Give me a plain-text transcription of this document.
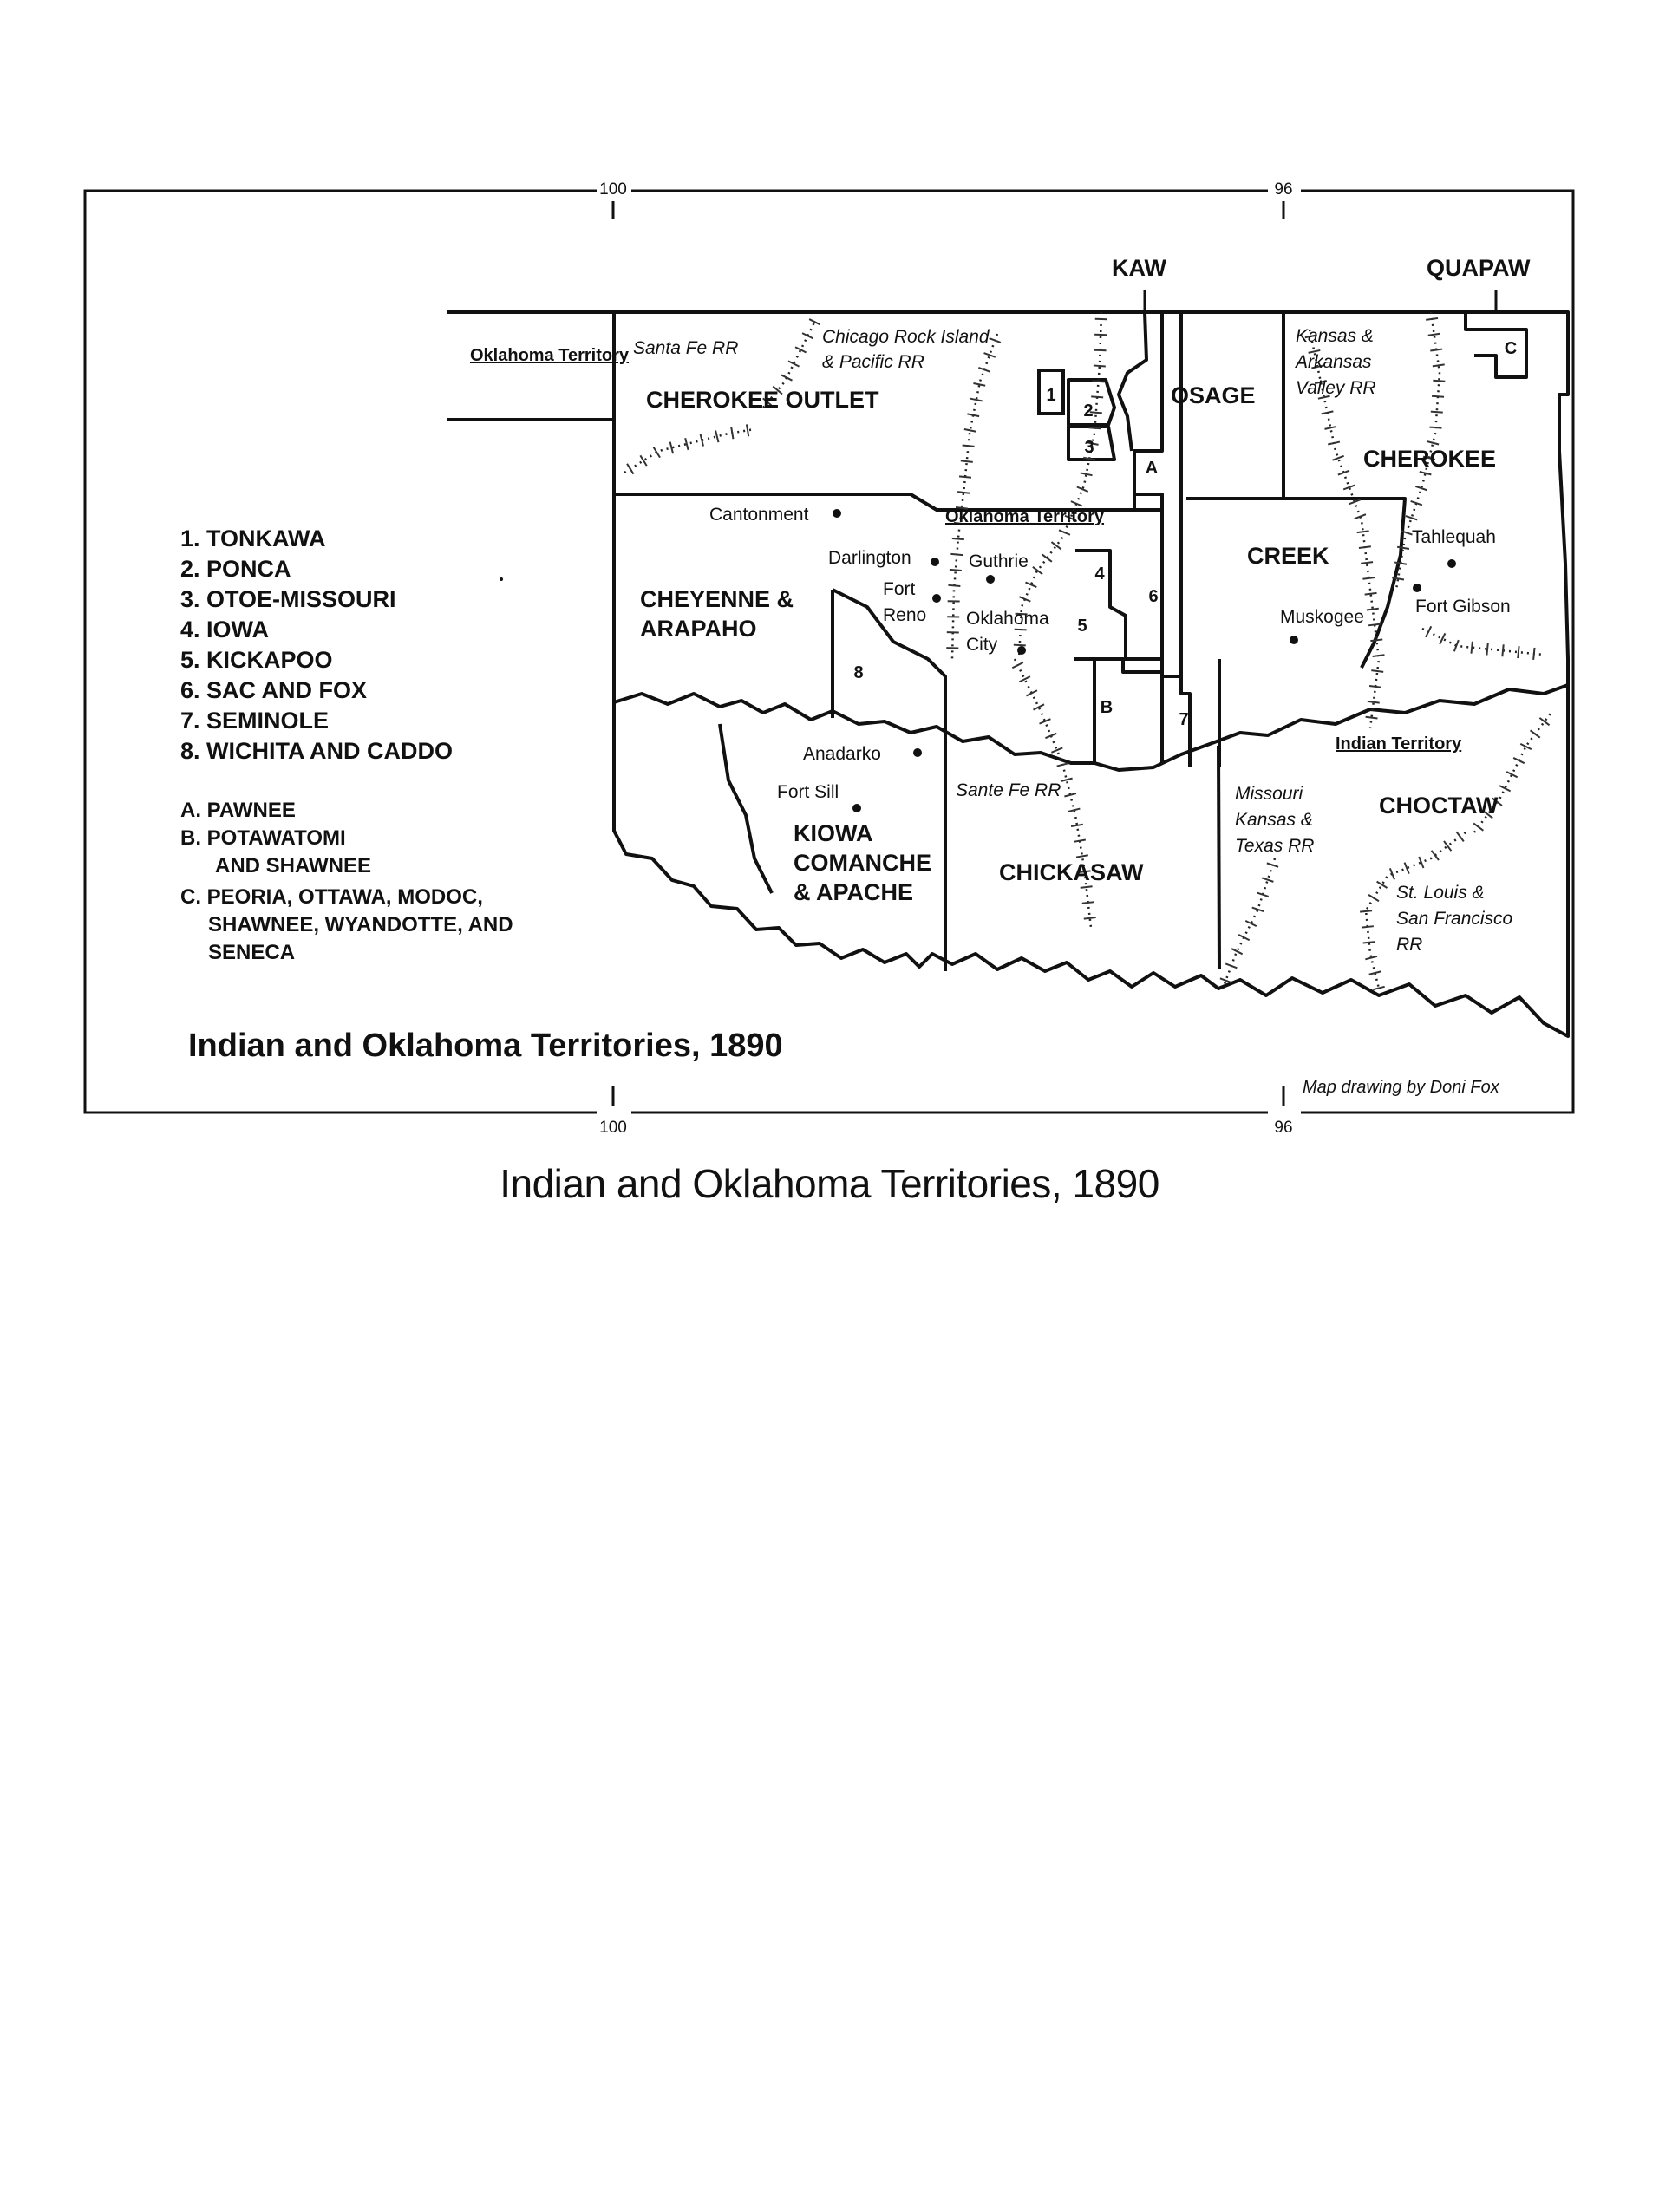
100	96
100	96
Oklahoma Territory
Oklahoma Territory
Indian Territory
KAW	QUAPAW
CHEROKEE OUTLET	OSAGE
CHEROKEE
CHEYENNE &
ARAPAHO
CREEK
KIOWA
COMANCHE
& APACHE
CHICKASAW
CHOCTAW
1
2
3
4
5
6
7
8
A
B
C
Santa Fe RR
Chicago Rock Island
& Pacific RR
Kansas &
Arkansas
Valley RR
Sante Fe RR	Missouri
Kansas &
Texas RR
St. Louis &
San Francisco
RR
Cantonment
Darlington
Fort
Reno
Guthrie
Oklahoma
City
Tahlequah
Fort Gibson
Muskogee
Anadarko
Fort Sill
1. TONKAWA
2. PONCA
3. OTOE-MISSOURI
4. IOWA
5. KICKAPOO
6. SAC AND FOX
7. SEMINOLE
8. WICHITA AND CADDO
A. PAWNEE
B. POTAWATOMI
AND SHAWNEE
C. PEORIA, OTTAWA, MODOC,
SHAWNEE, WYANDOTTE, AND
SENECA
Indian and Oklahoma Territories, 1890
Map drawing by Doni Fox
Indian and Oklahoma Territories, 1890
